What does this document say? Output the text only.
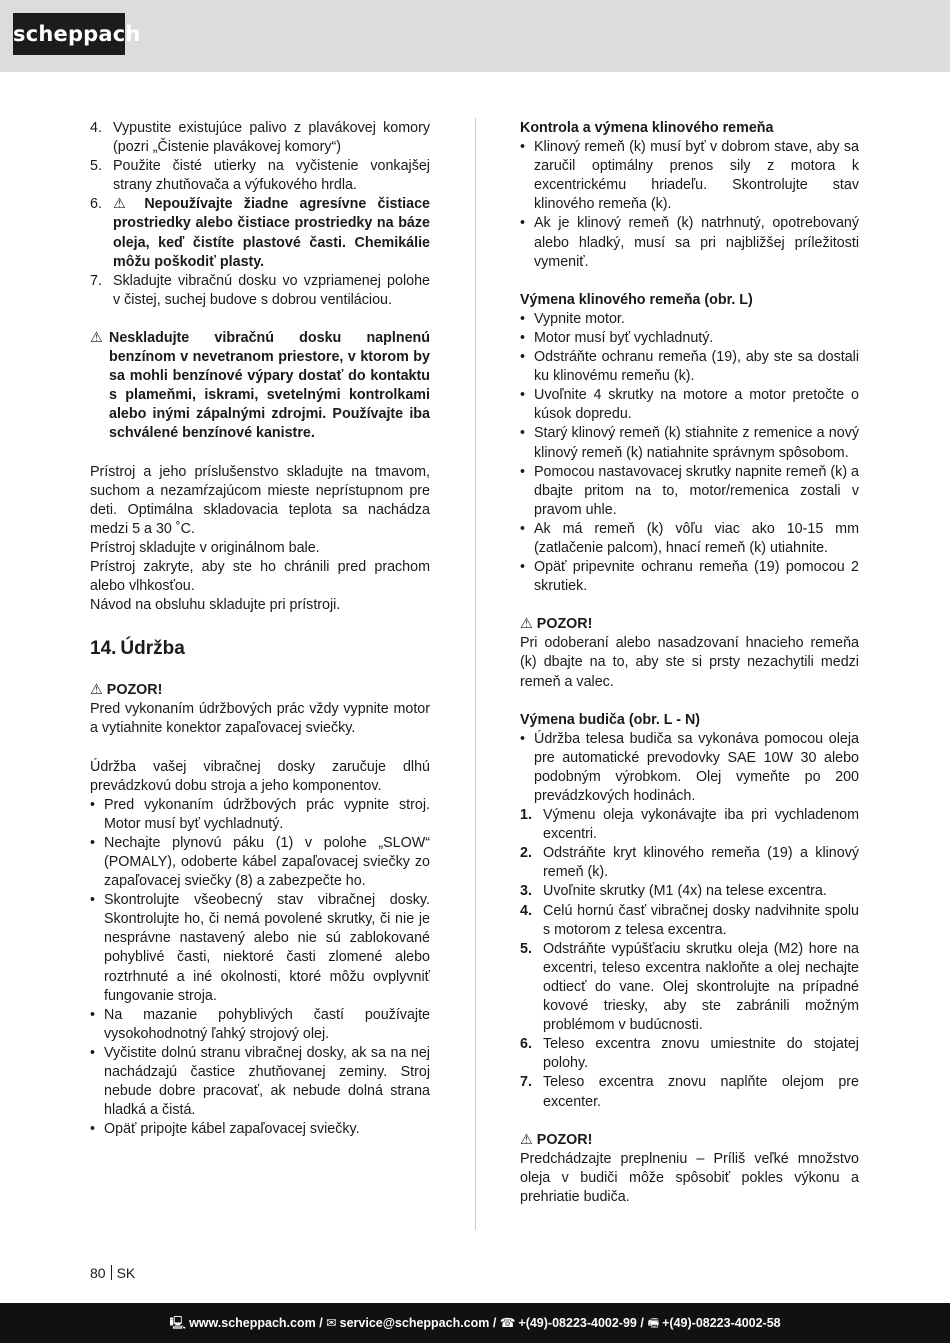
scheppach
4. Vypustite existujúce palivo z plavákovej komory (pozri „Čistenie plavákovej komory“)
5. Použite čisté utierky na vyčistenie vonkajšej strany zhutňovača a výfukového hrdla.
6. ⚠ Nepoužívajte žiadne agresívne čistiace prostriedky alebo čistiace prostriedky na báze oleja, keď čistíte plastové časti. Chemikálie môžu poškodiť plasty.
7. Skladujte vibračnú dosku vo vzpriamenej polohe v čistej, suchej budove s dobrou ventiláciou.
⚠ Neskladujte vibračnú dosku naplnenú benzínom v nevetranom priestore, v ktorom by sa mohli benzínové výpary dostať do kontaktu s plameňmi, iskrami, svetelnými kontrolkami alebo inými zápalnými zdrojmi. Používajte iba schválené benzínové kanistre.

Prístroj a jeho príslušenstvo skladujte na tmavom, suchom a nezamŕzajúcom mieste neprístupnom pre deti. Optimálna skladovacia teplota sa nachádza medzi 5 a 30 ˚C.

Prístroj skladujte v originálnom bale.

Prístroj zakryte, aby ste ho chránili pred prachom alebo vlhkosťou.

Návod na obsluhu skladujte pri prístroji.

14. Údržba
⚠ POZOR!

Pred vykonaním údržbových prác vždy vypnite motor a vytiahnite konektor zapaľovacej sviečky.

Údržba vašej vibračnej dosky zaručuje dlhú prevádzkovú dobu stroja a jeho komponentov.

• Pred vykonaním údržbových prác vypnite stroj. Motor musí byť vychladnutý.
• Nechajte plynovú páku (1) v polohe „SLOW“ (POMALY), odoberte kábel zapaľovacej sviečky zo zapaľovacej sviečky (8) a zabezpečte ho.
• Skontrolujte všeobecný stav vibračnej dosky. Skontrolujte ho, či nemá povolené skrutky, či nie je nesprávne nastavený alebo nie sú zablokované pohyblivé časti, niektoré časti zlomené alebo roztrhnuté a iné okolnosti, ktoré môžu ovplyvniť fungovanie stroja.
• Na mazanie pohyblivých častí používajte vysokohodnotný ľahký strojový olej.
• Vyčistite dolnú stranu vibračnej dosky, ak sa na nej nachádzajú častice zhutňovanej zeminy. Stroj nebude dobre pracovať, ak nebude dolná strana hladká a čistá.
• Opäť pripojte kábel zapaľovacej sviečky.
Kontrola a výmena klinového remeňa
• Klinový remeň (k) musí byť v dobrom stave, aby sa zaručil optimálny prenos sily z motora k excentrickému hriadeľu. Skontrolujte stav klinového remeňa (k).
• Ak je klinový remeň (k) natrhnutý, opotrebovaný alebo hladký, musí sa pri najbližšej príležitosti vymeniť.
Výmena klinového remeňa (obr. L)
• Vypnite motor.
• Motor musí byť vychladnutý.
• Odstráňte ochranu remeňa (19), aby ste sa dostali ku klinovému remeňu (k).
• Uvoľnite 4 skrutky na motore a motor pretočte o kúsok dopredu.
• Starý klinový remeň (k) stiahnite z remenice a nový klinový remeň (k) natiahnite správnym spôsobom.
• Pomocou nastavovacej skrutky napnite remeň (k) a dbajte pritom na to, motor/remenica zostali v pravom uhle.
• Ak má remeň (k) vôľu viac ako 10-15 mm (zatlačenie palcom), hnací remeň (k) utiahnite.
• Opäť pripevnite ochranu remeňa (19) pomocou 2 skrutiek.
⚠ POZOR!

Pri odoberaní alebo nasadzovaní hnacieho remeňa (k) dbajte na to, aby ste si prsty nezachytili medzi remeň a valec.

Výmena budiča (obr. L - N)
• Údržba telesa budiča sa vykonáva pomocou oleja pre automatické prevodovky SAE 10W 30 alebo podobným výrobkom. Olej vymeňte po 200 prevádzkových hodinách.
1. Výmenu oleja vykonávajte iba pri vychladenom excentri.
2. Odstráňte kryt klinového remeňa (19) a klinový remeň (k).
3. Uvoľnite skrutky (M1 (4x) na telese excentra.
4. Celú hornú časť vibračnej dosky nadvihnite spolu s motorom z telesa excentra.
5. Odstráňte vypúšťaciu skrutku oleja (M2) hore na excentri, teleso excentra nakloňte a olej nechajte odtiecť do vane. Olej skontrolujte na prípadné kovové triesky, aby ste zabránili možným problémom v budúcnosti.
6. Teleso excentra znovu umiestnite do stojatej polohy.
7. Teleso excentra znovu naplňte olejom pre excenter.
⚠ POZOR!

Predchádzajte preplneniu – Príliš veľké množstvo oleja v budiči môže spôsobiť pokles výkonu a prehriatie budiča.

80 SK
🖳 www.scheppach.com / ✉ service@scheppach.com / ☎ +(49)-08223-4002-99 / 🖷 +(49)-08223-4002-58
